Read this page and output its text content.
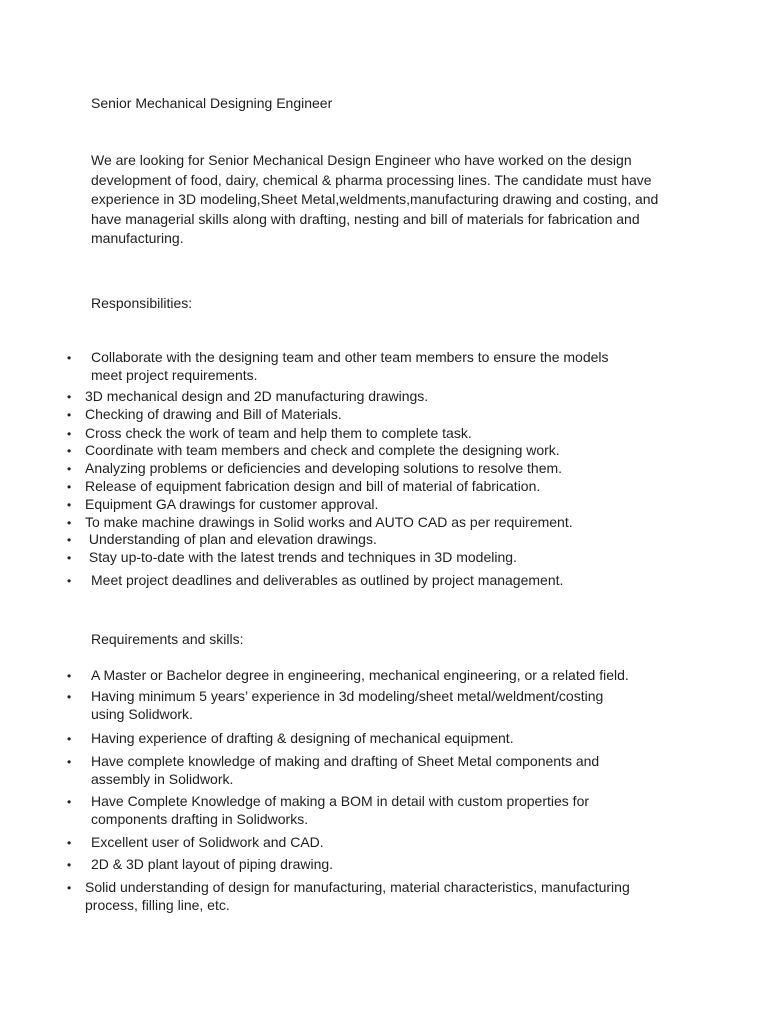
Senior Mechanical Designing Engineer

We are looking for Senior Mechanical Design Engineer who have worked on the design development of food, dairy, chemical & pharma processing lines. The candidate must have experience in 3D modeling,Sheet Metal,weldments,manufacturing drawing and costing, and have managerial skills along with drafting, nesting and bill of materials for fabrication and manufacturing.

Responsibilities:
• Collaborate with the designing team and other team members to ensure the models
meet project requirements.
• 3D mechanical design and 2D manufacturing drawings.
• Checking of drawing and Bill of Materials.
• Cross check the work of team and help them to complete task.
• Coordinate with team members and check and complete the designing work.
• Analyzing problems or deficiencies and developing solutions to resolve them.
• Release of equipment fabrication design and bill of material of fabrication.
• Equipment GA drawings for customer approval.
• To make machine drawings in Solid works and AUTO CAD as per requirement.
• Understanding of plan and elevation drawings.
• Stay up-to-date with the latest trends and techniques in 3D modeling.
• Meet project deadlines and deliverables as outlined by project management.
Requirements and skills:
• A Master or Bachelor degree in engineering, mechanical engineering, or a related field.
• Having minimum 5 years’ experience in 3d modeling/sheet metal/weldment/costing
using Solidwork.
• Having experience of drafting & designing of mechanical equipment.
• Have complete knowledge of making and drafting of Sheet Metal components and
assembly in Solidwork.
• Have Complete Knowledge of making a BOM in detail with custom properties for
components drafting in Solidworks.
• Excellent user of Solidwork and CAD.
• 2D & 3D plant layout of piping drawing.
• Solid understanding of design for manufacturing, material characteristics, manufacturing
process, filling line, etc.
